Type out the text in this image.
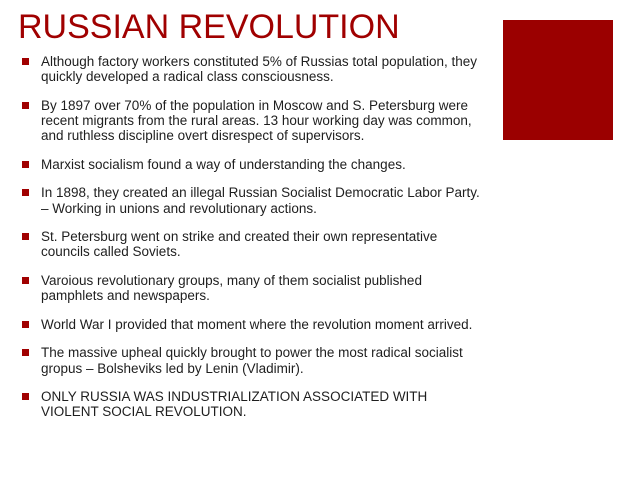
RUSSIAN REVOLUTION
Although factory workers constituted 5% of Russias total population, they quickly developed a radical class consciousness.
By 1897 over 70% of the population in Moscow and S. Petersburg were recent migrants from the rural areas. 13 hour working day was common, and ruthless discipline overt disrespect of supervisors.
Marxist socialism found a way of understanding the changes.
In 1898, they created an illegal Russian Socialist Democratic Labor Party. – Working in unions and revolutionary actions.
St. Petersburg went on strike and created their own representative councils called Soviets.
Varoious revolutionary groups, many of them socialist published pamphlets and newspapers.
World War I provided that moment where the revolution moment arrived.
The massive upheal quickly brought to power the most radical socialist gropus – Bolsheviks led by Lenin (Vladimir).
ONLY RUSSIA WAS INDUSTRIALIZATION ASSOCIATED WITH VIOLENT SOCIAL REVOLUTION.
